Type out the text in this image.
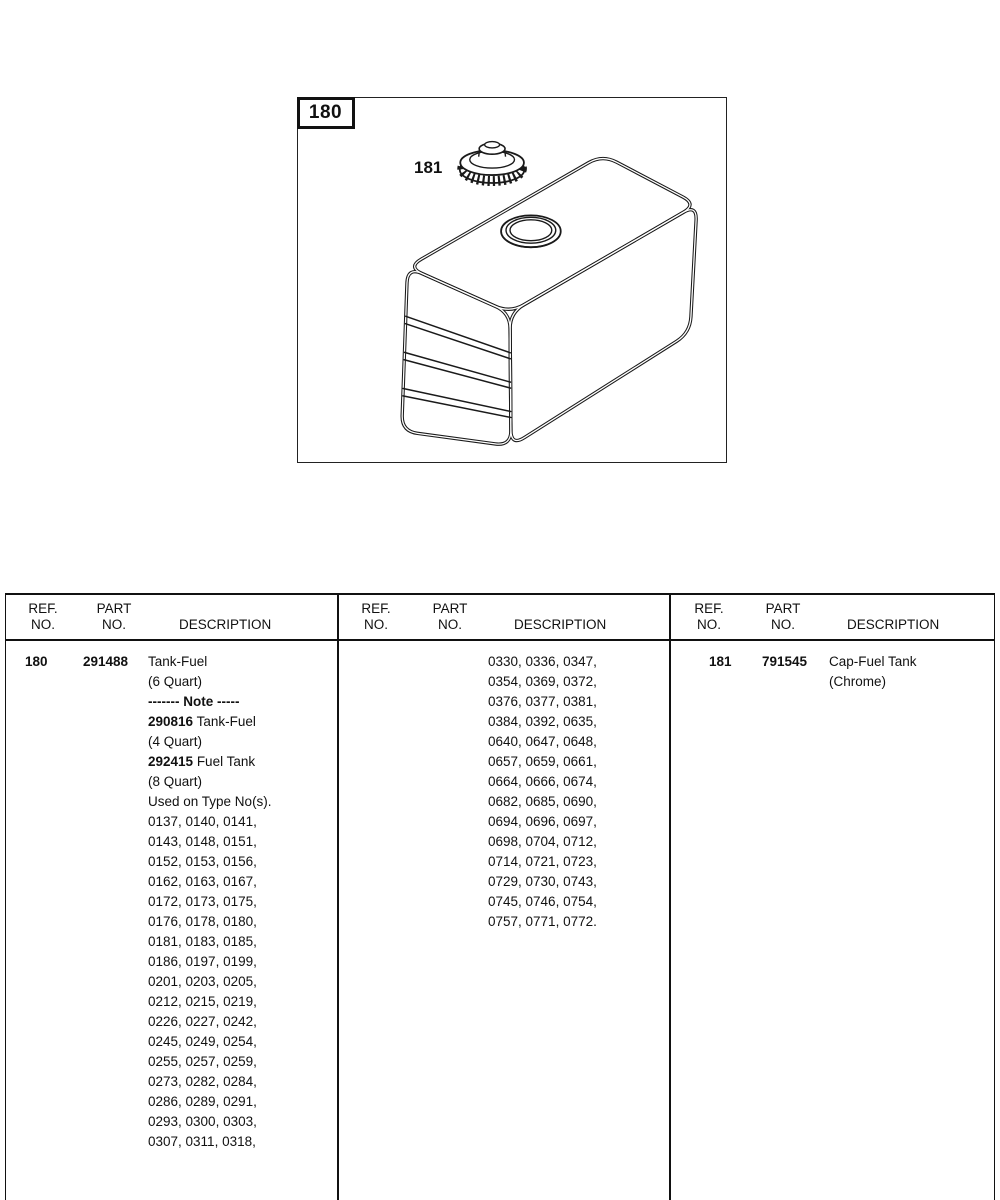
180
181
REF.
NO.
PART
NO.	DESCRIPTION
REF.
NO.
PART
NO.	DESCRIPTION
REF.
NO.
PART
NO.	DESCRIPTION
180	291488 Tank-Fuel
(6 Quart)
------- Note -----
290816 Tank-Fuel
(4 Quart)
292415 Fuel Tank
(8 Quart)
Used on Type No(s).
0137, 0140, 0141,
0143, 0148, 0151,
0152, 0153, 0156,
0162, 0163, 0167,
0172, 0173, 0175,
0176, 0178, 0180,
0181, 0183, 0185,
0186, 0197, 0199,
0201, 0203, 0205,
0212, 0215, 0219,
0226, 0227, 0242,
0245, 0249, 0254,
0255, 0257, 0259,
0273, 0282, 0284,
0286, 0289, 0291,
0293, 0300, 0303,
0307, 0311, 0318,
0330, 0336, 0347,
0354, 0369, 0372,
0376, 0377, 0381,
0384, 0392, 0635,
0640, 0647, 0648,
0657, 0659, 0661,
0664, 0666, 0674,
0682, 0685, 0690,
0694, 0696, 0697,
0698, 0704, 0712,
0714, 0721, 0723,
0729, 0730, 0743,
0745, 0746, 0754,
0757, 0771, 0772.
181 791545 Cap-Fuel Tank
(Chrome)
